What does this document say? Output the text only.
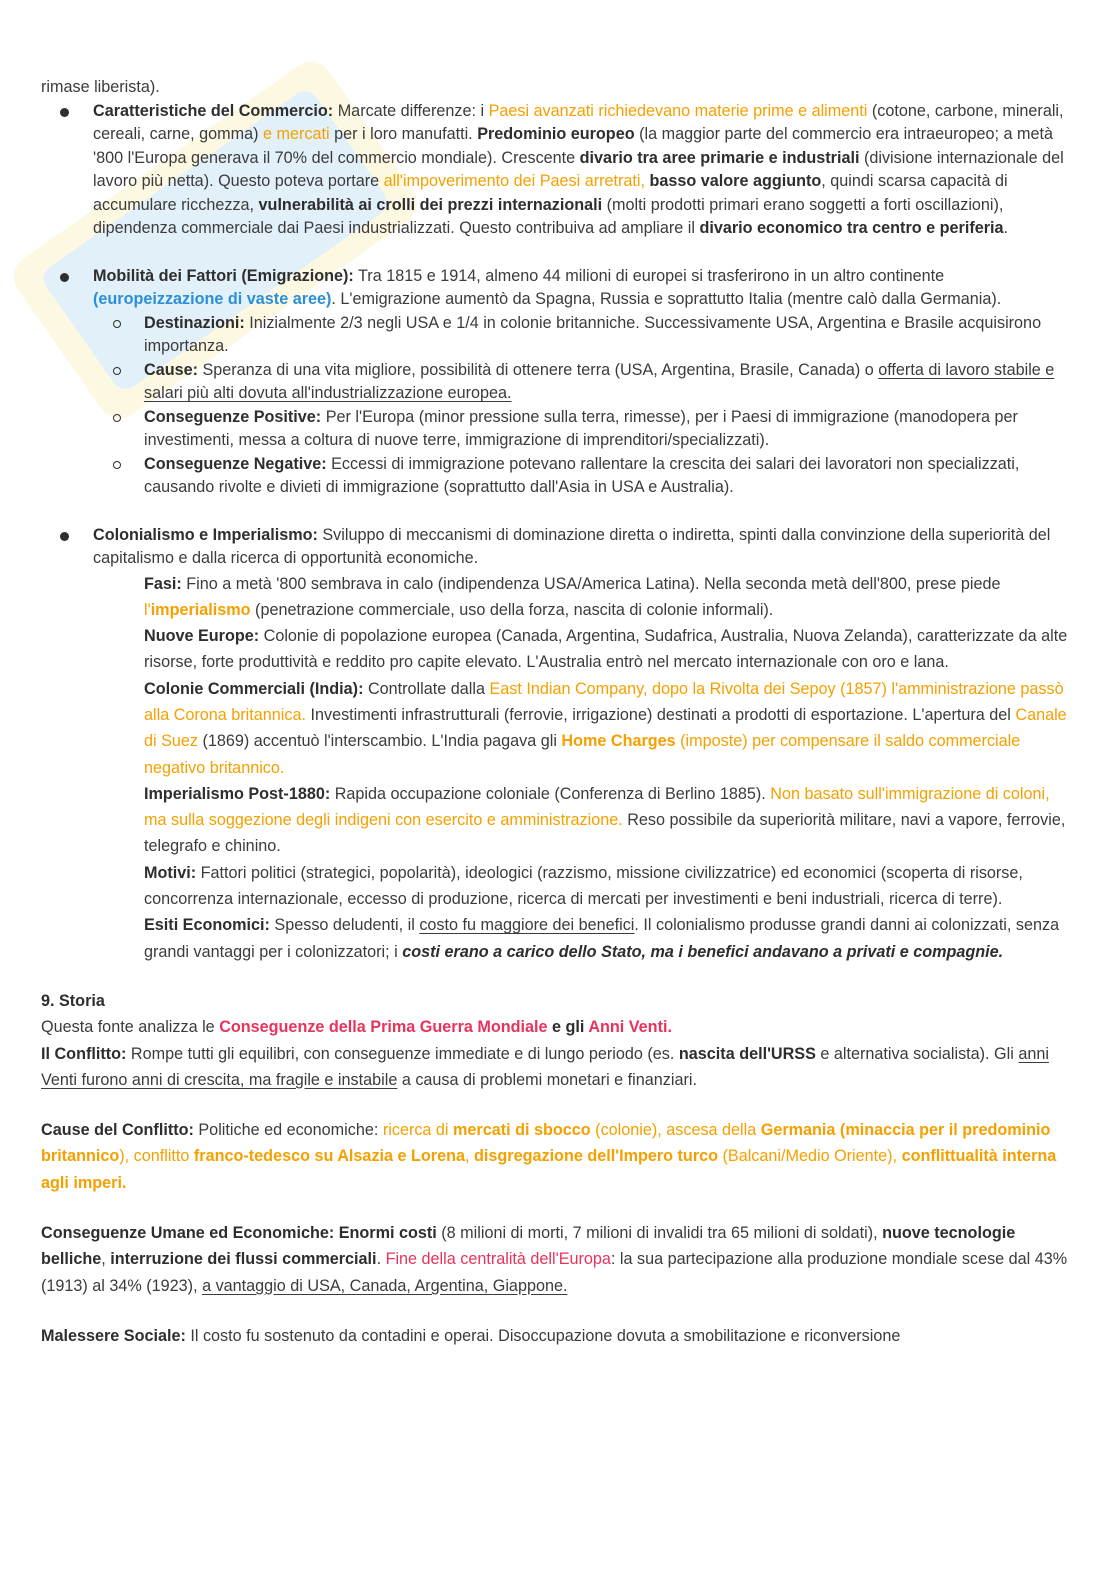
rimase liberista).

Caratteristiche del Commercio: Marcate differenze: i Paesi avanzati richiedevano materie prime e alimenti (cotone, carbone, minerali, cereali, carne, gomma) e mercati per i loro manufatti. Predominio europeo (la maggior parte del commercio era intraeuropeo; a metà '800 l'Europa generava il 70% del commercio mondiale). Crescente divario tra aree primarie e industriali (divisione internazionale del lavoro più netta). Questo poteva portare all'impoverimento dei Paesi arretrati, basso valore aggiunto, quindi scarsa capacità di accumulare ricchezza, vulnerabilità ai crolli dei prezzi internazionali (molti prodotti primari erano soggetti a forti oscillazioni), dipendenza commerciale dai Paesi industrializzati. Questo contribuiva ad ampliare il divario economico tra centro e periferia.

Mobilità dei Fattori (Emigrazione): Tra 1815 e 1914, almeno 44 milioni di europei si trasferirono in un altro continente (europeizzazione di vaste aree). L'emigrazione aumentò da Spagna, Russia e soprattutto Italia (mentre calò dalla Germania).

Destinazioni: Inizialmente 2/3 negli USA e 1/4 in colonie britanniche. Successivamente USA, Argentina e Brasile acquisirono importanza.

Cause: Speranza di una vita migliore, possibilità di ottenere terra (USA, Argentina, Brasile, Canada) o offerta di lavoro stabile e salari più alti dovuta all'industrializzazione europea.

Conseguenze Positive: Per l'Europa (minor pressione sulla terra, rimesse), per i Paesi di immigrazione (manodopera per investimenti, messa a coltura di nuove terre, immigrazione di imprenditori/specializzati).

Conseguenze Negative: Eccessi di immigrazione potevano rallentare la crescita dei salari dei lavoratori non specializzati, causando rivolte e divieti di immigrazione (soprattutto dall'Asia in USA e Australia).

Colonialismo e Imperialismo: Sviluppo di meccanismi di dominazione diretta o indiretta, spinti dalla convinzione della superiorità del capitalismo e dalla ricerca di opportunità economiche.

Fasi: Fino a metà '800 sembrava in calo (indipendenza USA/America Latina). Nella seconda metà dell'800, prese piede l'imperialismo (penetrazione commerciale, uso della forza, nascita di colonie informali).

Nuove Europe: Colonie di popolazione europea (Canada, Argentina, Sudafrica, Australia, Nuova Zelanda), caratterizzate da alte risorse, forte produttività e reddito pro capite elevato. L'Australia entrò nel mercato internazionale con oro e lana.

Colonie Commerciali (India): Controllate dalla East Indian Company, dopo la Rivolta dei Sepoy (1857) l'amministrazione passò alla Corona britannica. Investimenti infrastrutturali (ferrovie, irrigazione) destinati a prodotti di esportazione. L'apertura del Canale di Suez (1869) accentuò l'interscambio. L'India pagava gli Home Charges (imposte) per compensare il saldo commerciale negativo britannico.

Imperialismo Post-1880: Rapida occupazione coloniale (Conferenza di Berlino 1885). Non basato sull'immigrazione di coloni, ma sulla soggezione degli indigeni con esercito e amministrazione. Reso possibile da superiorità militare, navi a vapore, ferrovie, telegrafo e chinino.

Motivi: Fattori politici (strategici, popolarità), ideologici (razzismo, missione civilizzatrice) ed economici (scoperta di risorse, concorrenza internazionale, eccesso di produzione, ricerca di mercati per investimenti e beni industriali, ricerca di terre).

Esiti Economici: Spesso deludenti, il costo fu maggiore dei benefici. Il colonialismo produsse grandi danni ai colonizzati, senza grandi vantaggi per i colonizzatori; i costi erano a carico dello Stato, ma i benefici andavano a privati e compagnie.

9. Storia

Questa fonte analizza le Conseguenze della Prima Guerra Mondiale e gli Anni Venti.

Il Conflitto: Rompe tutti gli equilibri, con conseguenze immediate e di lungo periodo (es. nascita dell'URSS e alternativa socialista). Gli anni Venti furono anni di crescita, ma fragile e instabile a causa di problemi monetari e finanziari.

Cause del Conflitto: Politiche ed economiche: ricerca di mercati di sbocco (colonie), ascesa della Germania (minaccia per il predominio britannico), conflitto franco-tedesco su Alsazia e Lorena, disgregazione dell'Impero turco (Balcani/Medio Oriente), conflittualità interna agli imperi.

Conseguenze Umane ed Economiche: Enormi costi (8 milioni di morti, 7 milioni di invalidi tra 65 milioni di soldati), nuove tecnologie belliche, interruzione dei flussi commerciali. Fine della centralità dell'Europa: la sua partecipazione alla produzione mondiale scese dal 43% (1913) al 34% (1923), a vantaggio di USA, Canada, Argentina, Giappone.

Malessere Sociale: Il costo fu sostenuto da contadini e operai. Disoccupazione dovuta a smobilitazione e riconversione
